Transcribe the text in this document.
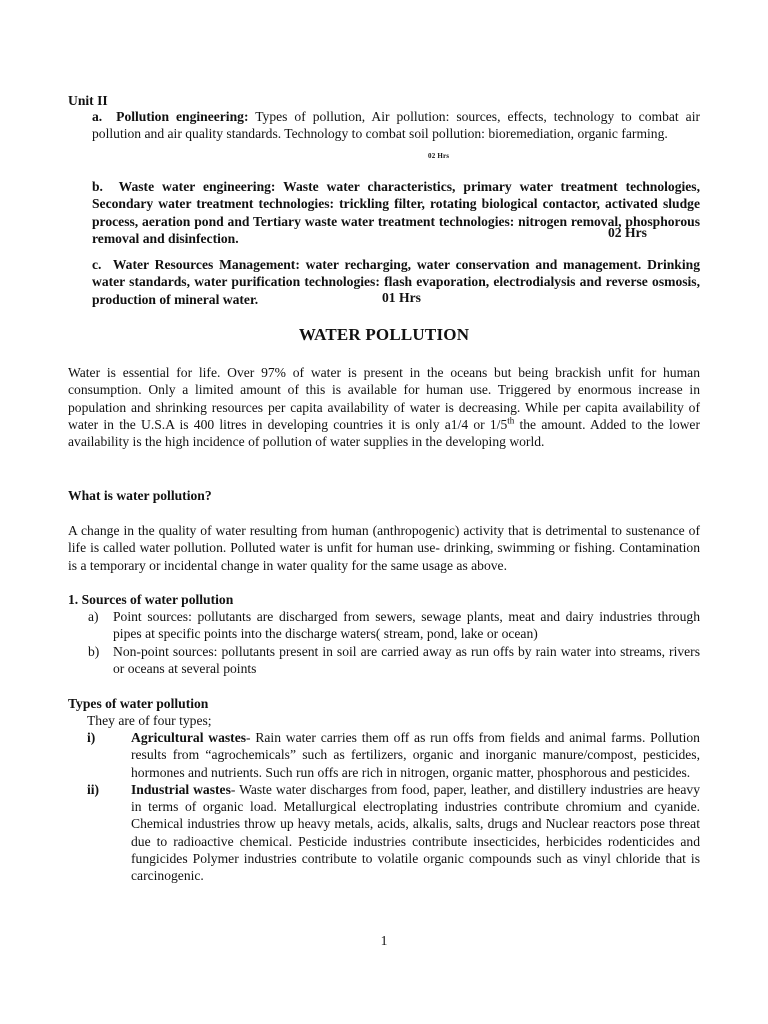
Unit II
a. Pollution engineering: Types of pollution, Air pollution: sources, effects, technology to combat air pollution and air quality standards. Technology to combat soil pollution: bioremediation, organic farming.
02 Hrs
b. Waste water engineering: Waste water characteristics, primary water treatment technologies, Secondary water treatment technologies: trickling filter, rotating biological contactor, activated sludge process, aeration pond and Tertiary waste water treatment technologies: nitrogen removal, phosphorous removal and disinfection.	02 Hrs
c. Water Resources Management: water recharging, water conservation and management. Drinking water standards, water purification technologies: flash evaporation, electrodialysis and reverse osmosis, production of mineral water.	01 Hrs
WATER POLLUTION
Water is essential for life. Over 97% of water is present in the oceans but being brackish unfit for human consumption. Only a limited amount of this is available for human use. Triggered by enormous increase in population and shrinking resources per capita availability of water is decreasing. While per capita availability of water in the U.S.A is 400 litres in developing countries it is only a1/4 or 1/5th the amount. Added to the lower availability is the high incidence of pollution of water supplies in the developing world.
What is water pollution?
A change in the quality of water resulting from human (anthropogenic) activity that is detrimental to sustenance of life is called water pollution. Polluted water is unfit for human use- drinking, swimming or fishing. Contamination is a temporary or incidental change in water quality for the same usage as above.
1. Sources of water pollution
a) Point sources: pollutants are discharged from sewers, sewage plants, meat and dairy industries through pipes at specific points into the discharge waters( stream, pond, lake or ocean)
b) Non-point sources: pollutants present in soil are carried away as run offs by rain water into streams, rivers or oceans at several points
Types of water pollution
They are of four types;
i)	Agricultural wastes- Rain water carries them off as run offs from fields and animal farms. Pollution results from “agrochemicals” such as fertilizers, organic and inorganic manure/compost, pesticides, hormones and nutrients. Such run offs are rich in nitrogen, organic matter, phosphorous and pesticides.
ii) Industrial wastes- Waste water discharges from food, paper, leather, and distillery industries are heavy in terms of organic load. Metallurgical electroplating industries contribute chromium and cyanide. Chemical industries throw up heavy metals, acids, alkalis, salts, drugs and Nuclear reactors pose threat due to radioactive chemical. Pesticide industries contribute insecticides, herbicides rodenticides and fungicides Polymer industries contribute to volatile organic compounds such as vinyl chloride that is carcinogenic.
1
